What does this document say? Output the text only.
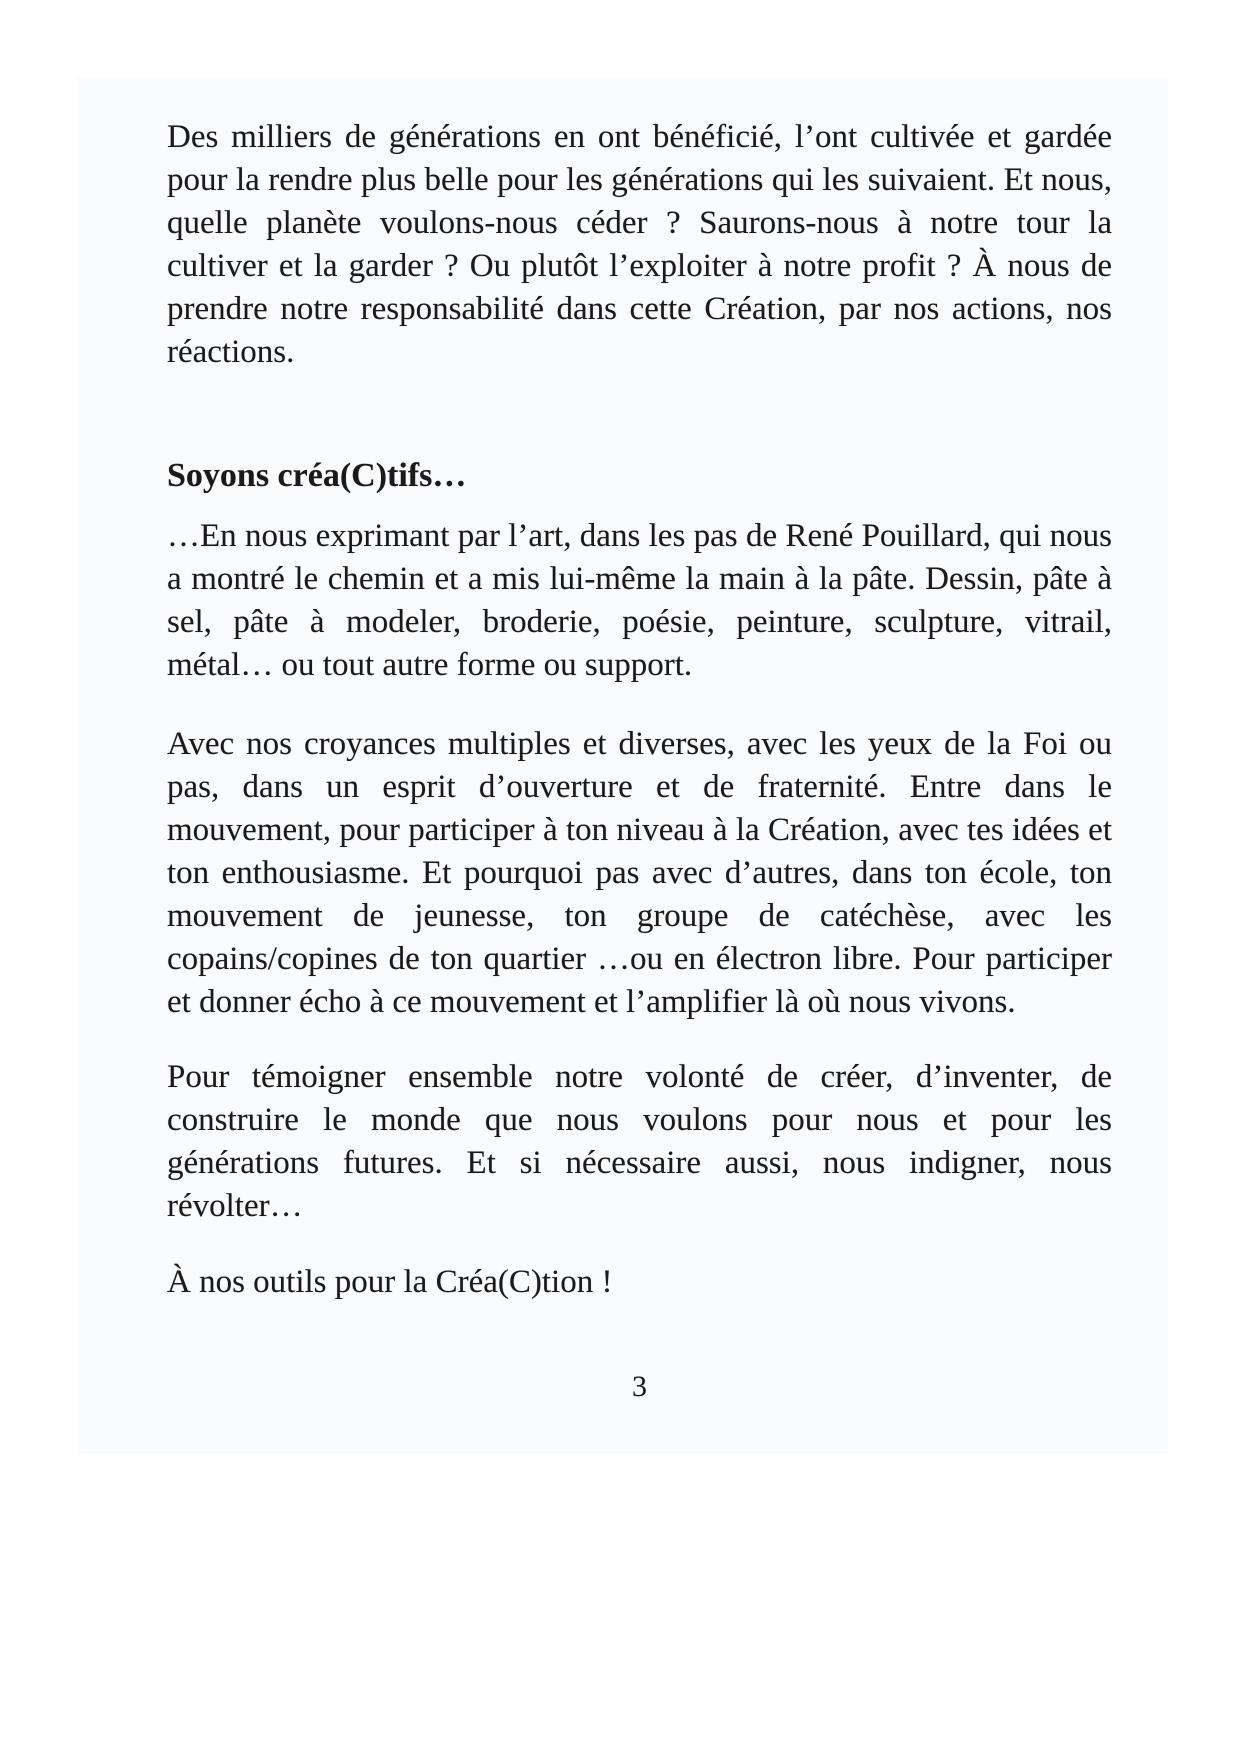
Des milliers de générations en ont bénéficié, l’ont cultivée et gardée pour la rendre plus belle pour les générations qui les suivaient. Et nous, quelle planète voulons-nous céder ? Saurons-nous à notre tour la cultiver et la garder ? Ou plutôt l’exploiter à notre profit ? À nous de prendre notre responsabilité dans cette Création, par nos actions, nos réactions.

Soyons créa(C)tifs…

…En nous exprimant par l’art, dans les pas de René Pouillard, qui nous a montré le chemin et a mis lui-même la main à la pâte. Dessin, pâte à sel, pâte à modeler, broderie, poésie, peinture, sculpture, vitrail, métal… ou tout autre forme ou support.

Avec nos croyances multiples et diverses, avec les yeux de la Foi ou pas, dans un esprit d’ouverture et de fraternité. Entre dans le mouvement, pour participer à ton niveau à la Création, avec tes idées et ton enthousiasme. Et pourquoi pas avec d’autres, dans ton école, ton mouvement de jeunesse, ton groupe de catéchèse, avec les copains/copines de ton quartier …ou en électron libre. Pour participer et donner écho à ce mouvement et l’amplifier là où nous vivons.

Pour témoigner ensemble notre volonté de créer, d’inventer, de construire le monde que nous voulons pour nous et pour les générations futures. Et si nécessaire aussi, nous indigner, nous révolter…

À nos outils pour la Créa(C)tion !

3
